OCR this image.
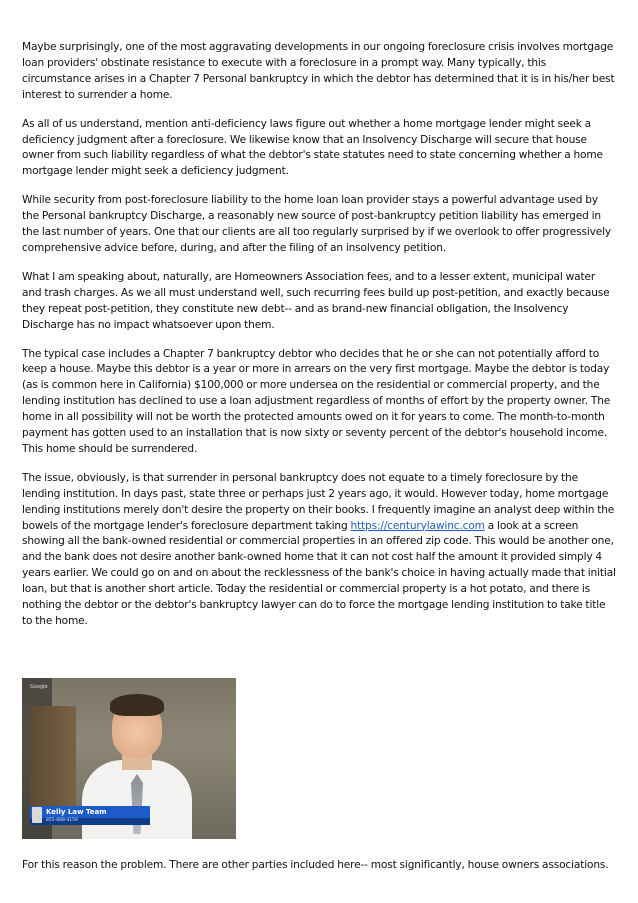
Maybe surprisingly, one of the most aggravating developments in our ongoing foreclosure crisis involves mortgage loan providers' obstinate resistance to execute with a foreclosure in a prompt way. Many typically, this circumstance arises in a Chapter 7 Personal bankruptcy in which the debtor has determined that it is in his/her best interest to surrender a home.

As all of us understand, mention anti-deficiency laws figure out whether a home mortgage lender might seek a deficiency judgment after a foreclosure. We likewise know that an Insolvency Discharge will secure that house owner from such liability regardless of what the debtor's state statutes need to state concerning whether a home mortgage lender might seek a deficiency judgment.

While security from post-foreclosure liability to the home loan loan provider stays a powerful advantage used by the Personal bankruptcy Discharge, a reasonably new source of post-bankruptcy petition liability has emerged in the last number of years. One that our clients are all too regularly surprised by if we overlook to offer progressively comprehensive advice before, during, and after the filing of an insolvency petition.

What I am speaking about, naturally, are Homeowners Association fees, and to a lesser extent, municipal water and trash charges. As we all must understand well, such recurring fees build up post-petition, and exactly because they repeat post-petition, they constitute new debt-- and as brand-new financial obligation, the Insolvency Discharge has no impact whatsoever upon them.

The typical case includes a Chapter 7 bankruptcy debtor who decides that he or she can not potentially afford to keep a house. Maybe this debtor is a year or more in arrears on the very first mortgage. Maybe the debtor is today (as is common here in California) $100,000 or more undersea on the residential or commercial property, and the lending institution has declined to use a loan adjustment regardless of months of effort by the property owner. The home in all possibility will not be worth the protected amounts owed on it for years to come. The month-to-month payment has gotten used to an installation that is now sixty or seventy percent of the debtor's household income. This home should be surrendered.

The issue, obviously, is that surrender in personal bankruptcy does not equate to a timely foreclosure by the lending institution. In days past, state three or perhaps just 2 years ago, it would. However today, home mortgage lending institutions merely don't desire the property on their books. I frequently imagine an analyst deep within the bowels of the mortgage lender's foreclosure department taking https://centurylawinc.com a look at a screen showing all the bank-owned residential or commercial properties in an offered zip code. This would be another one, and the bank does not desire another bank-owned home that it can not cost half the amount it provided simply 4 years earlier. We could go on and on about the recklessness of the bank's choice in having actually made that initial loan, but that is another short article. Today the residential or commercial property is a hot potato, and there is nothing the debtor or the debtor's bankruptcy lawyer can do to force the mortgage lending institution to take title to the home.

Google
Kelly Law Team
855-888-4159

For this reason the problem. There are other parties included here-- most significantly, house owners associations.
